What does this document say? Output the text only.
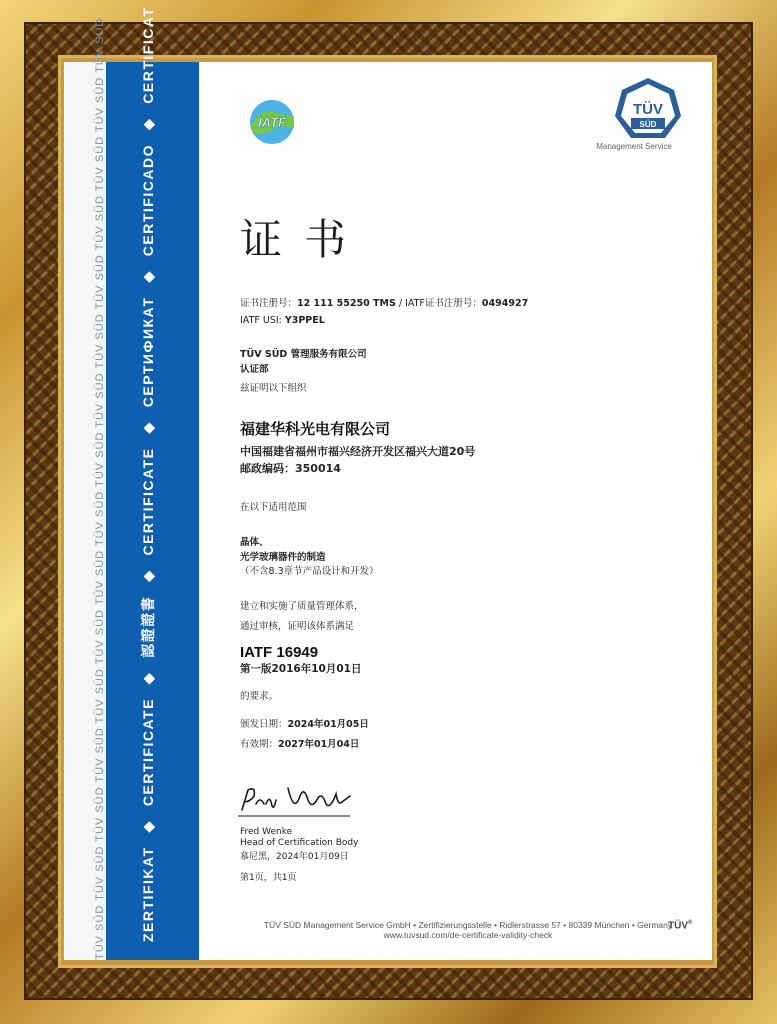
TÜV SÜD TÜV SÜD TÜV SÜD TÜV SÜD TÜV SÜD TÜV SÜD TÜV SÜD TÜV SÜD TÜV SÜD TÜV SÜD TÜV SÜD TÜV SÜD TÜV SÜD TÜV SÜD TÜV SÜD TÜV SÜD ZERTIFIKAT◆CERTIFICATE◆認證證書◆CERTIFICATE◆СЕРТИФИКАТ◆CERTIFICADO◆CERTIFICAT
IATF
TÜV
SÜD
Management Service
证书
证书注册号：12 111 55250 TMS / IATF证书注册号：0494927
IATF USI: Y3PPEL
TÜV SÜD 管理服务有限公司
认证部
兹证明以下组织
福建华科光电有限公司
中国福建省福州市福兴经济开发区福兴大道20号
邮政编码：350014
在以下适用范围
晶体、
光学玻璃器件的制造
（不含8.3章节产品设计和开发）
建立和实施了质量管理体系，
通过审核，证明该体系满足
IATF 16949
第一版2016年10月01日
的要求。
颁发日期：2024年01月05日
有效期：2027年01月04日
Fred Wenke
Head of Certification Body
慕尼黑，2024年01月09日
第1页，共1页
TÜV SÜD Management Service GmbH • Zertifizierungsstelle • Ridlerstrasse 57 • 80339 München • Germany
www.tuvsud.com/de-certificate-validity-check
TÜV®
